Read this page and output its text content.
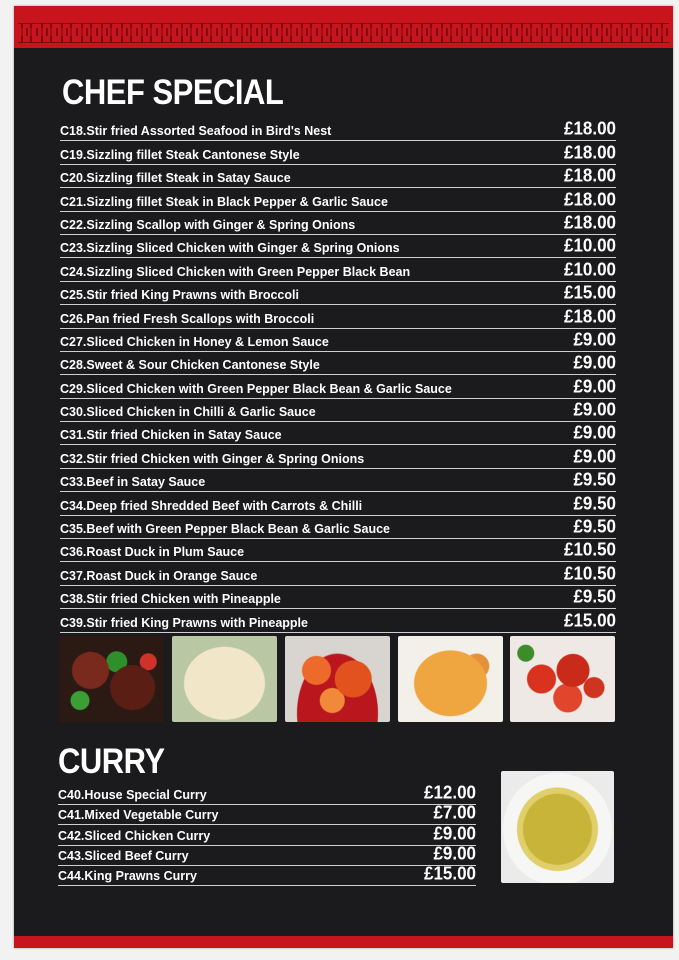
CHEF SPECIAL
C18.Stir fried Assorted Seafood in Bird's Nest	£18.00
C19.Sizzling fillet Steak Cantonese Style	£18.00
C20.Sizzling fillet Steak in Satay Sauce	£18.00
C21.Sizzling fillet Steak in Black Pepper & Garlic Sauce	£18.00
C22.Sizzling Scallop with Ginger & Spring Onions	£18.00
C23.Sizzling Sliced Chicken with Ginger & Spring Onions	£10.00
C24.Sizzling Sliced Chicken with Green Pepper Black Bean	£10.00
C25.Stir fried King Prawns with Broccoli	£15.00
C26.Pan fried Fresh Scallops with Broccoli	£18.00
C27.Sliced Chicken in Honey & Lemon Sauce	£9.00
C28.Sweet & Sour Chicken Cantonese Style	£9.00
C29.Sliced Chicken with Green Pepper Black Bean & Garlic Sauce	£9.00
C30.Sliced Chicken in Chilli & Garlic Sauce	£9.00
C31.Stir fried Chicken in Satay Sauce	£9.00
C32.Stir fried Chicken with Ginger & Spring Onions	£9.00
C33.Beef in Satay Sauce	£9.50
C34.Deep fried Shredded Beef with Carrots & Chilli	£9.50
C35.Beef with Green Pepper Black Bean & Garlic Sauce	£9.50
C36.Roast Duck in Plum Sauce	£10.50
C37.Roast Duck in Orange Sauce	£10.50
C38.Stir fried Chicken with Pineapple	£9.50
C39.Stir fried King Prawns with Pineapple	£15.00
CURRY
C40.House Special Curry	£12.00
C41.Mixed Vegetable Curry	£7.00
C42.Sliced Chicken Curry	£9.00
C43.Sliced Beef Curry	£9.00
C44.King Prawns Curry	£15.00
